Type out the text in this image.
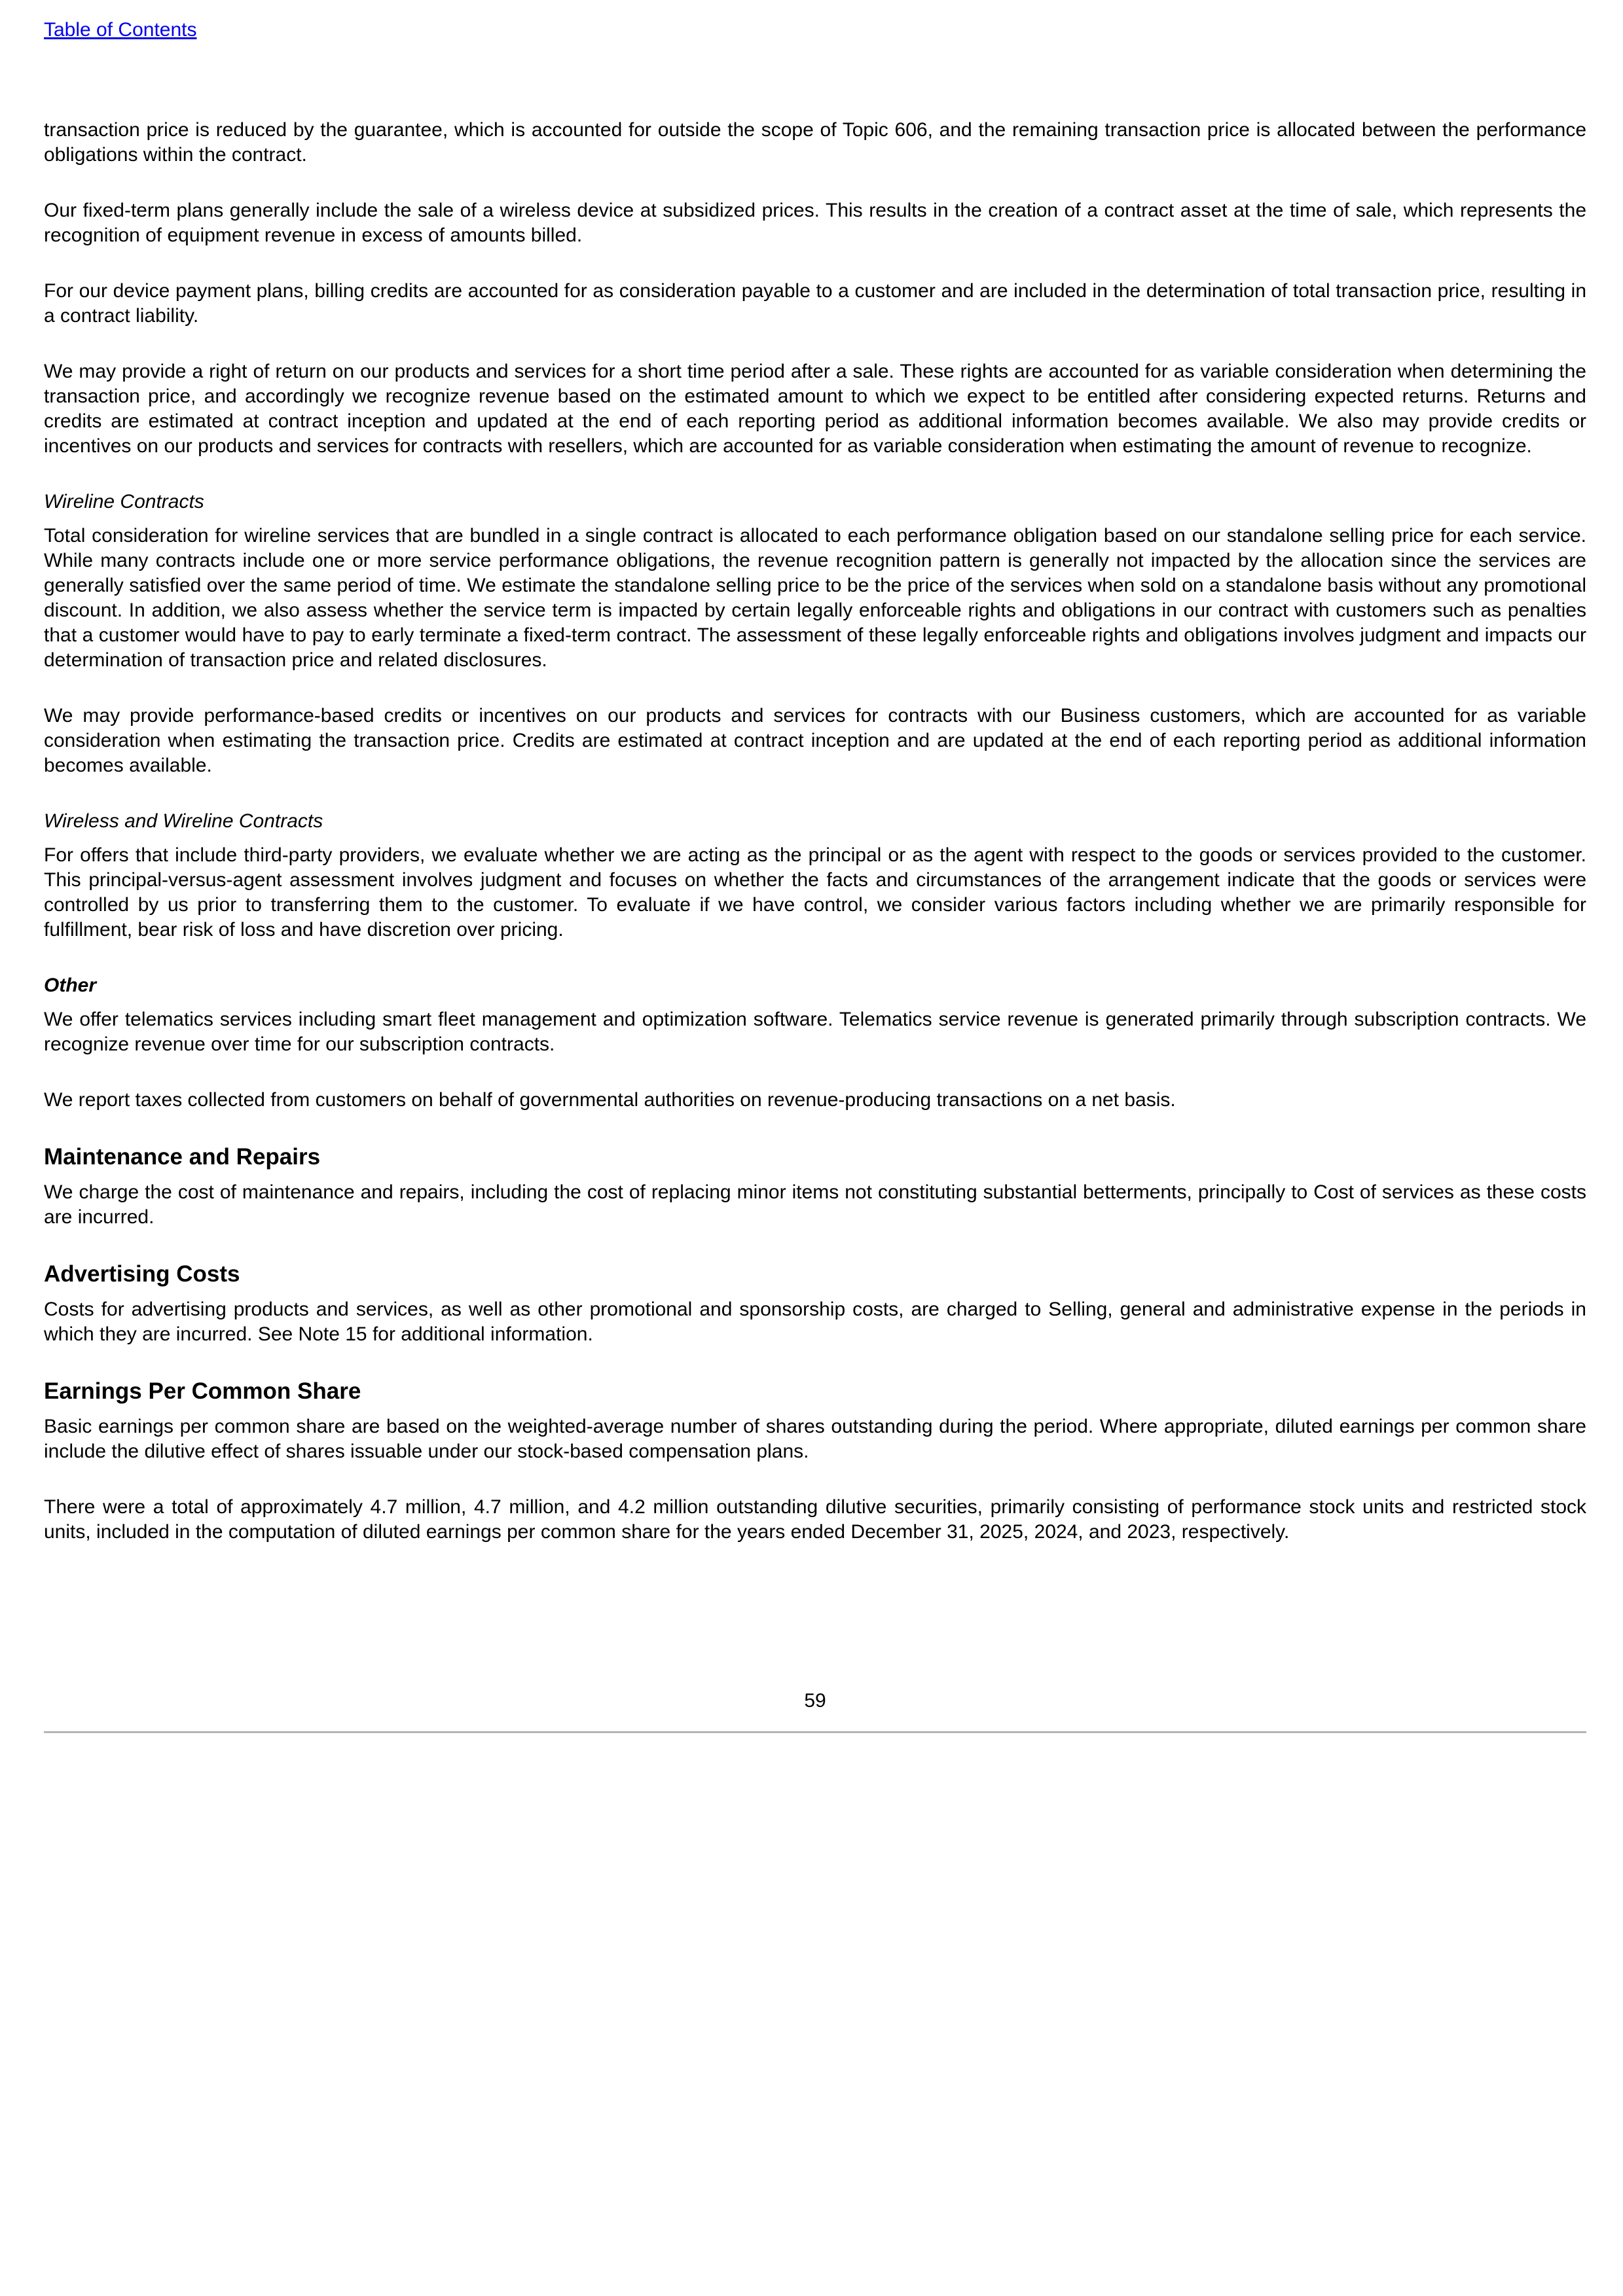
Table of Contents

transaction price is reduced by the guarantee, which is accounted for outside the scope of Topic 606, and the remaining transaction price is allocated between the performance obligations within the contract.

Our fixed-term plans generally include the sale of a wireless device at subsidized prices. This results in the creation of a contract asset at the time of sale, which represents the recognition of equipment revenue in excess of amounts billed.

For our device payment plans, billing credits are accounted for as consideration payable to a customer and are included in the determination of total transaction price, resulting in a contract liability.

We may provide a right of return on our products and services for a short time period after a sale. These rights are accounted for as variable consideration when determining the transaction price, and accordingly we recognize revenue based on the estimated amount to which we expect to be entitled after considering expected returns. Returns and credits are estimated at contract inception and updated at the end of each reporting period as additional information becomes available. We also may provide credits or incentives on our products and services for contracts with resellers, which are accounted for as variable consideration when estimating the amount of revenue to recognize.

Wireline Contracts

Total consideration for wireline services that are bundled in a single contract is allocated to each performance obligation based on our standalone selling price for each service. While many contracts include one or more service performance obligations, the revenue recognition pattern is generally not impacted by the allocation since the services are generally satisfied over the same period of time. We estimate the standalone selling price to be the price of the services when sold on a standalone basis without any promotional discount. In addition, we also assess whether the service term is impacted by certain legally enforceable rights and obligations in our contract with customers such as penalties that a customer would have to pay to early terminate a fixed-term contract. The assessment of these legally enforceable rights and obligations involves judgment and impacts our determination of transaction price and related disclosures.

We may provide performance-based credits or incentives on our products and services for contracts with our Business customers, which are accounted for as variable consideration when estimating the transaction price. Credits are estimated at contract inception and are updated at the end of each reporting period as additional information becomes available.

Wireless and Wireline Contracts

For offers that include third-party providers, we evaluate whether we are acting as the principal or as the agent with respect to the goods or services provided to the customer. This principal-versus-agent assessment involves judgment and focuses on whether the facts and circumstances of the arrangement indicate that the goods or services were controlled by us prior to transferring them to the customer. To evaluate if we have control, we consider various factors including whether we are primarily responsible for fulfillment, bear risk of loss and have discretion over pricing.

Other

We offer telematics services including smart fleet management and optimization software. Telematics service revenue is generated primarily through subscription contracts. We recognize revenue over time for our subscription contracts.

We report taxes collected from customers on behalf of governmental authorities on revenue-producing transactions on a net basis.

Maintenance and Repairs

We charge the cost of maintenance and repairs, including the cost of replacing minor items not constituting substantial betterments, principally to Cost of services as these costs are incurred.

Advertising Costs

Costs for advertising products and services, as well as other promotional and sponsorship costs, are charged to Selling, general and administrative expense in the periods in which they are incurred. See Note 15 for additional information.

Earnings Per Common Share

Basic earnings per common share are based on the weighted-average number of shares outstanding during the period. Where appropriate, diluted earnings per common share include the dilutive effect of shares issuable under our stock-based compensation plans.

There were a total of approximately 4.7 million, 4.7 million, and 4.2 million outstanding dilutive securities, primarily consisting of performance stock units and restricted stock units, included in the computation of diluted earnings per common share for the years ended December 31, 2025, 2024, and 2023, respectively.

59
